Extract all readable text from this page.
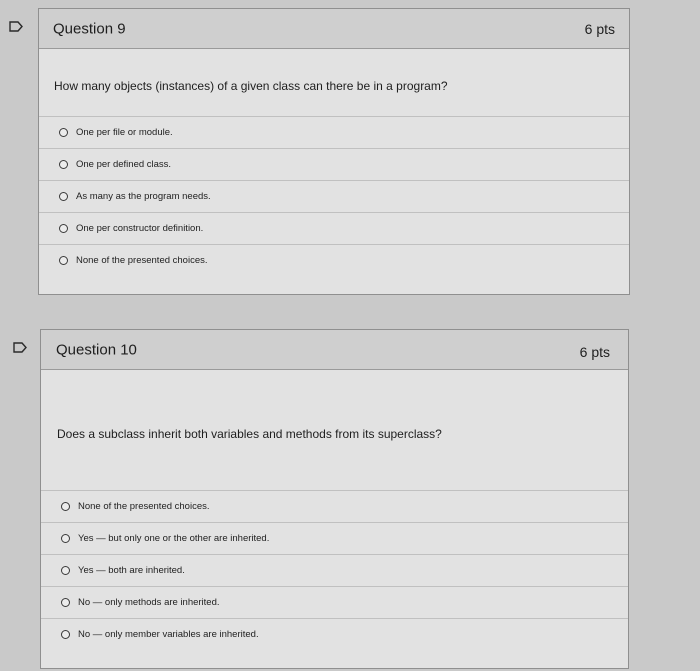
Question 9	6 pts
How many objects (instances) of a given class can there be in a program?
One per file or module.
One per defined class.
As many as the program needs.
One per constructor definition.
None of the presented choices.
Question 10	6 pts
Does a subclass inherit both variables and methods from its superclass?
None of the presented choices.
Yes — but only one or the other are inherited.
Yes — both are inherited.
No — only methods are inherited.
No — only member variables are inherited.
